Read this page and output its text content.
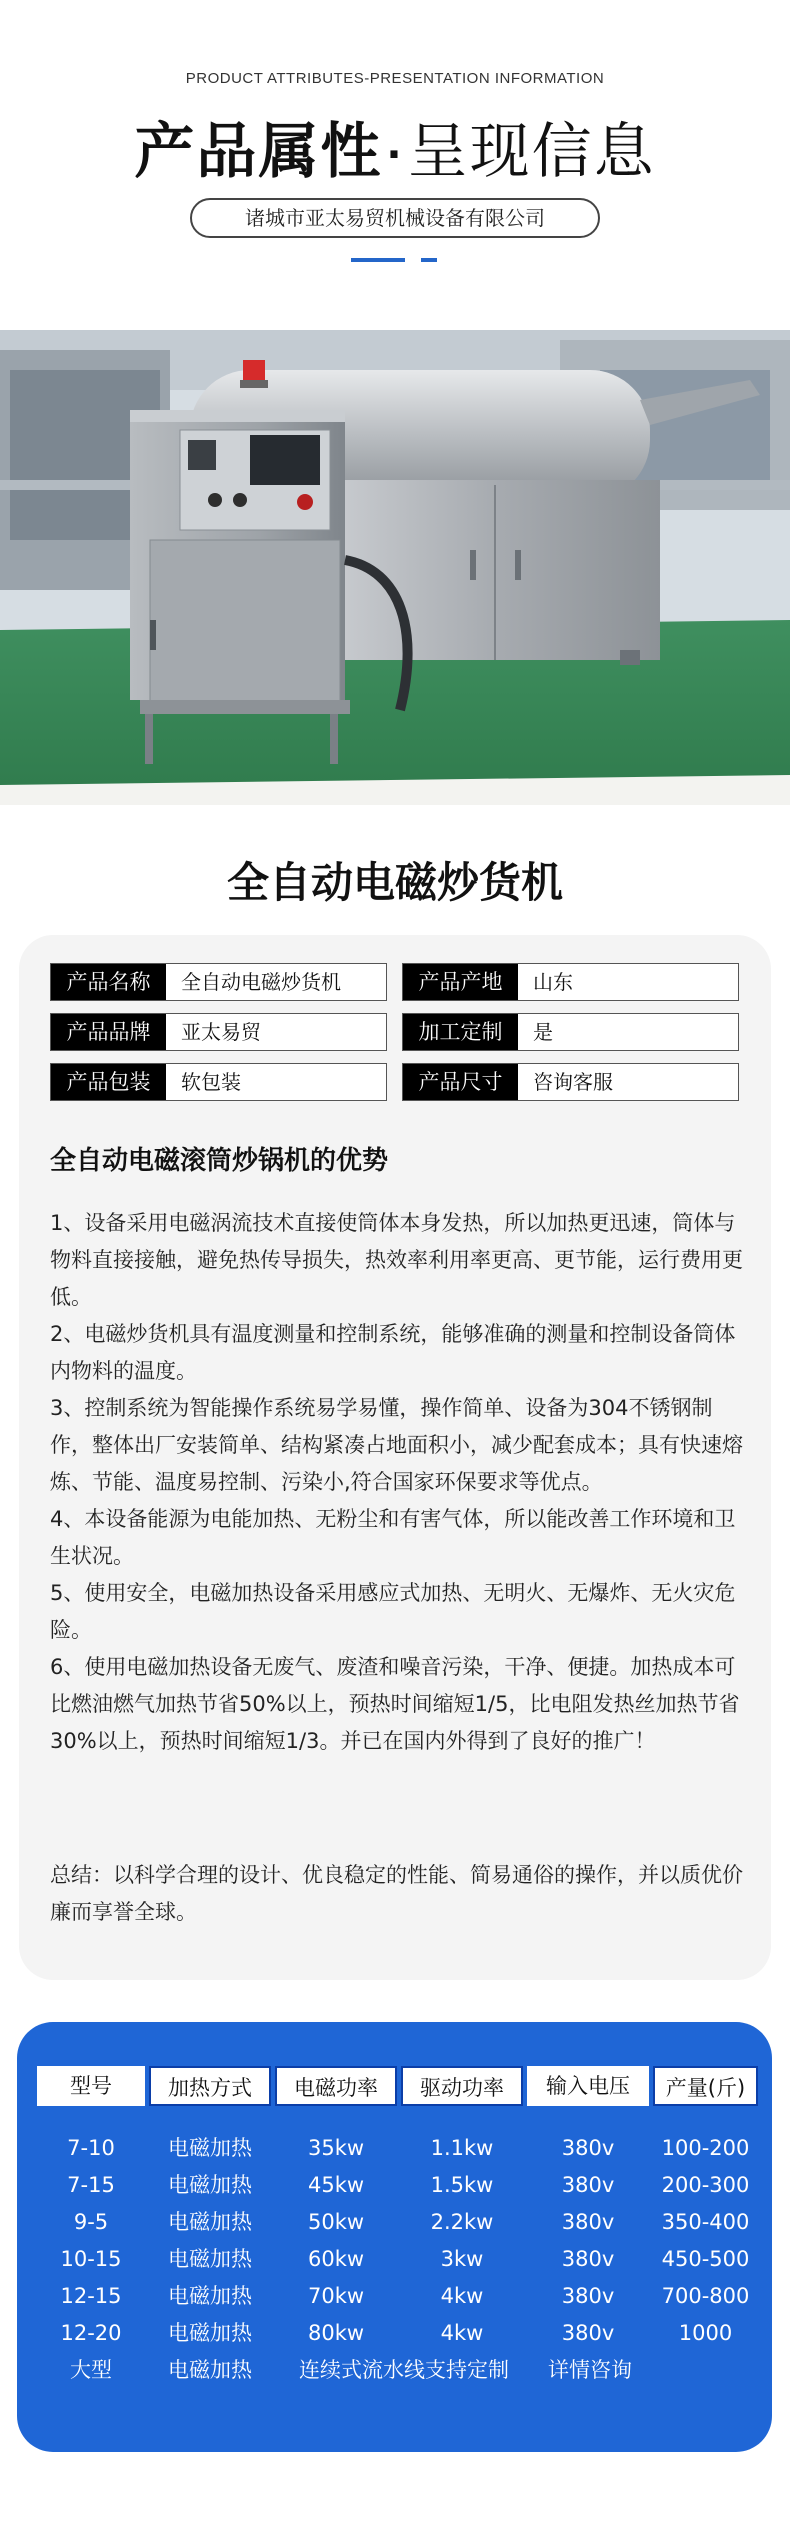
PRODUCT ATTRIBUTES-PRESENTATION INFORMATION
产品属性 ·呈现信息
诸城市亚太易贸机械设备有限公司
全自动电磁炒货机
产品名称	全自动电磁炒货机	产品产地	山东
产品品牌	亚太易贸	加工定制	是
产品包装	软包装	产品尺寸	咨询客服
全自动电磁滚筒炒锅机的优势

1、设备采用电磁涡流技术直接使筒体本身发热，所以加热更迅速，筒体与物料直接接触，避免热传导损失，热效率利用率更高、更节能，运行费用更低。

2、电磁炒货机具有温度测量和控制系统，能够准确的测量和控制设备筒体内物料的温度。

3、控制系统为智能操作系统易学易懂，操作简单、设备为304不锈钢制作，整体出厂安装简单、结构紧凑占地面积小，减少配套成本；具有快速熔炼、节能、温度易控制、污染小,符合国家环保要求等优点。

4、本设备能源为电能加热、无粉尘和有害气体，所以能改善工作环境和卫生状况。

5、使用安全，电磁加热设备采用感应式加热、无明火、无爆炸、无火灾危险。

6、使用电磁加热设备无废气、废渣和噪音污染，干净、便捷。加热成本可比燃油燃气加热节省50%以上，预热时间缩短1/5，比电阻发热丝加热节省30%以上，预热时间缩短1/3。并已在国内外得到了良好的推广！

总结：以科学合理的设计、优良稳定的性能、简易通俗的操作，并以质优价廉而享誉全球。
型号	加热方式	电磁功率	驱动功率	输入电压	产量(斤)
7-10	电磁加热	35kw	1.1kw	380v	100-200
7-15	电磁加热	45kw	1.5kw	380v	200-300
9-5	电磁加热	50kw	2.2kw	380v	350-400
10-15	电磁加热	60kw	3kw	380v	450-500
12-15	电磁加热	70kw	4kw	380v	700-800
12-20	电磁加热	80kw	4kw	380v	1000
大型	电磁加热	连续式流水线支持定制	详情咨询
